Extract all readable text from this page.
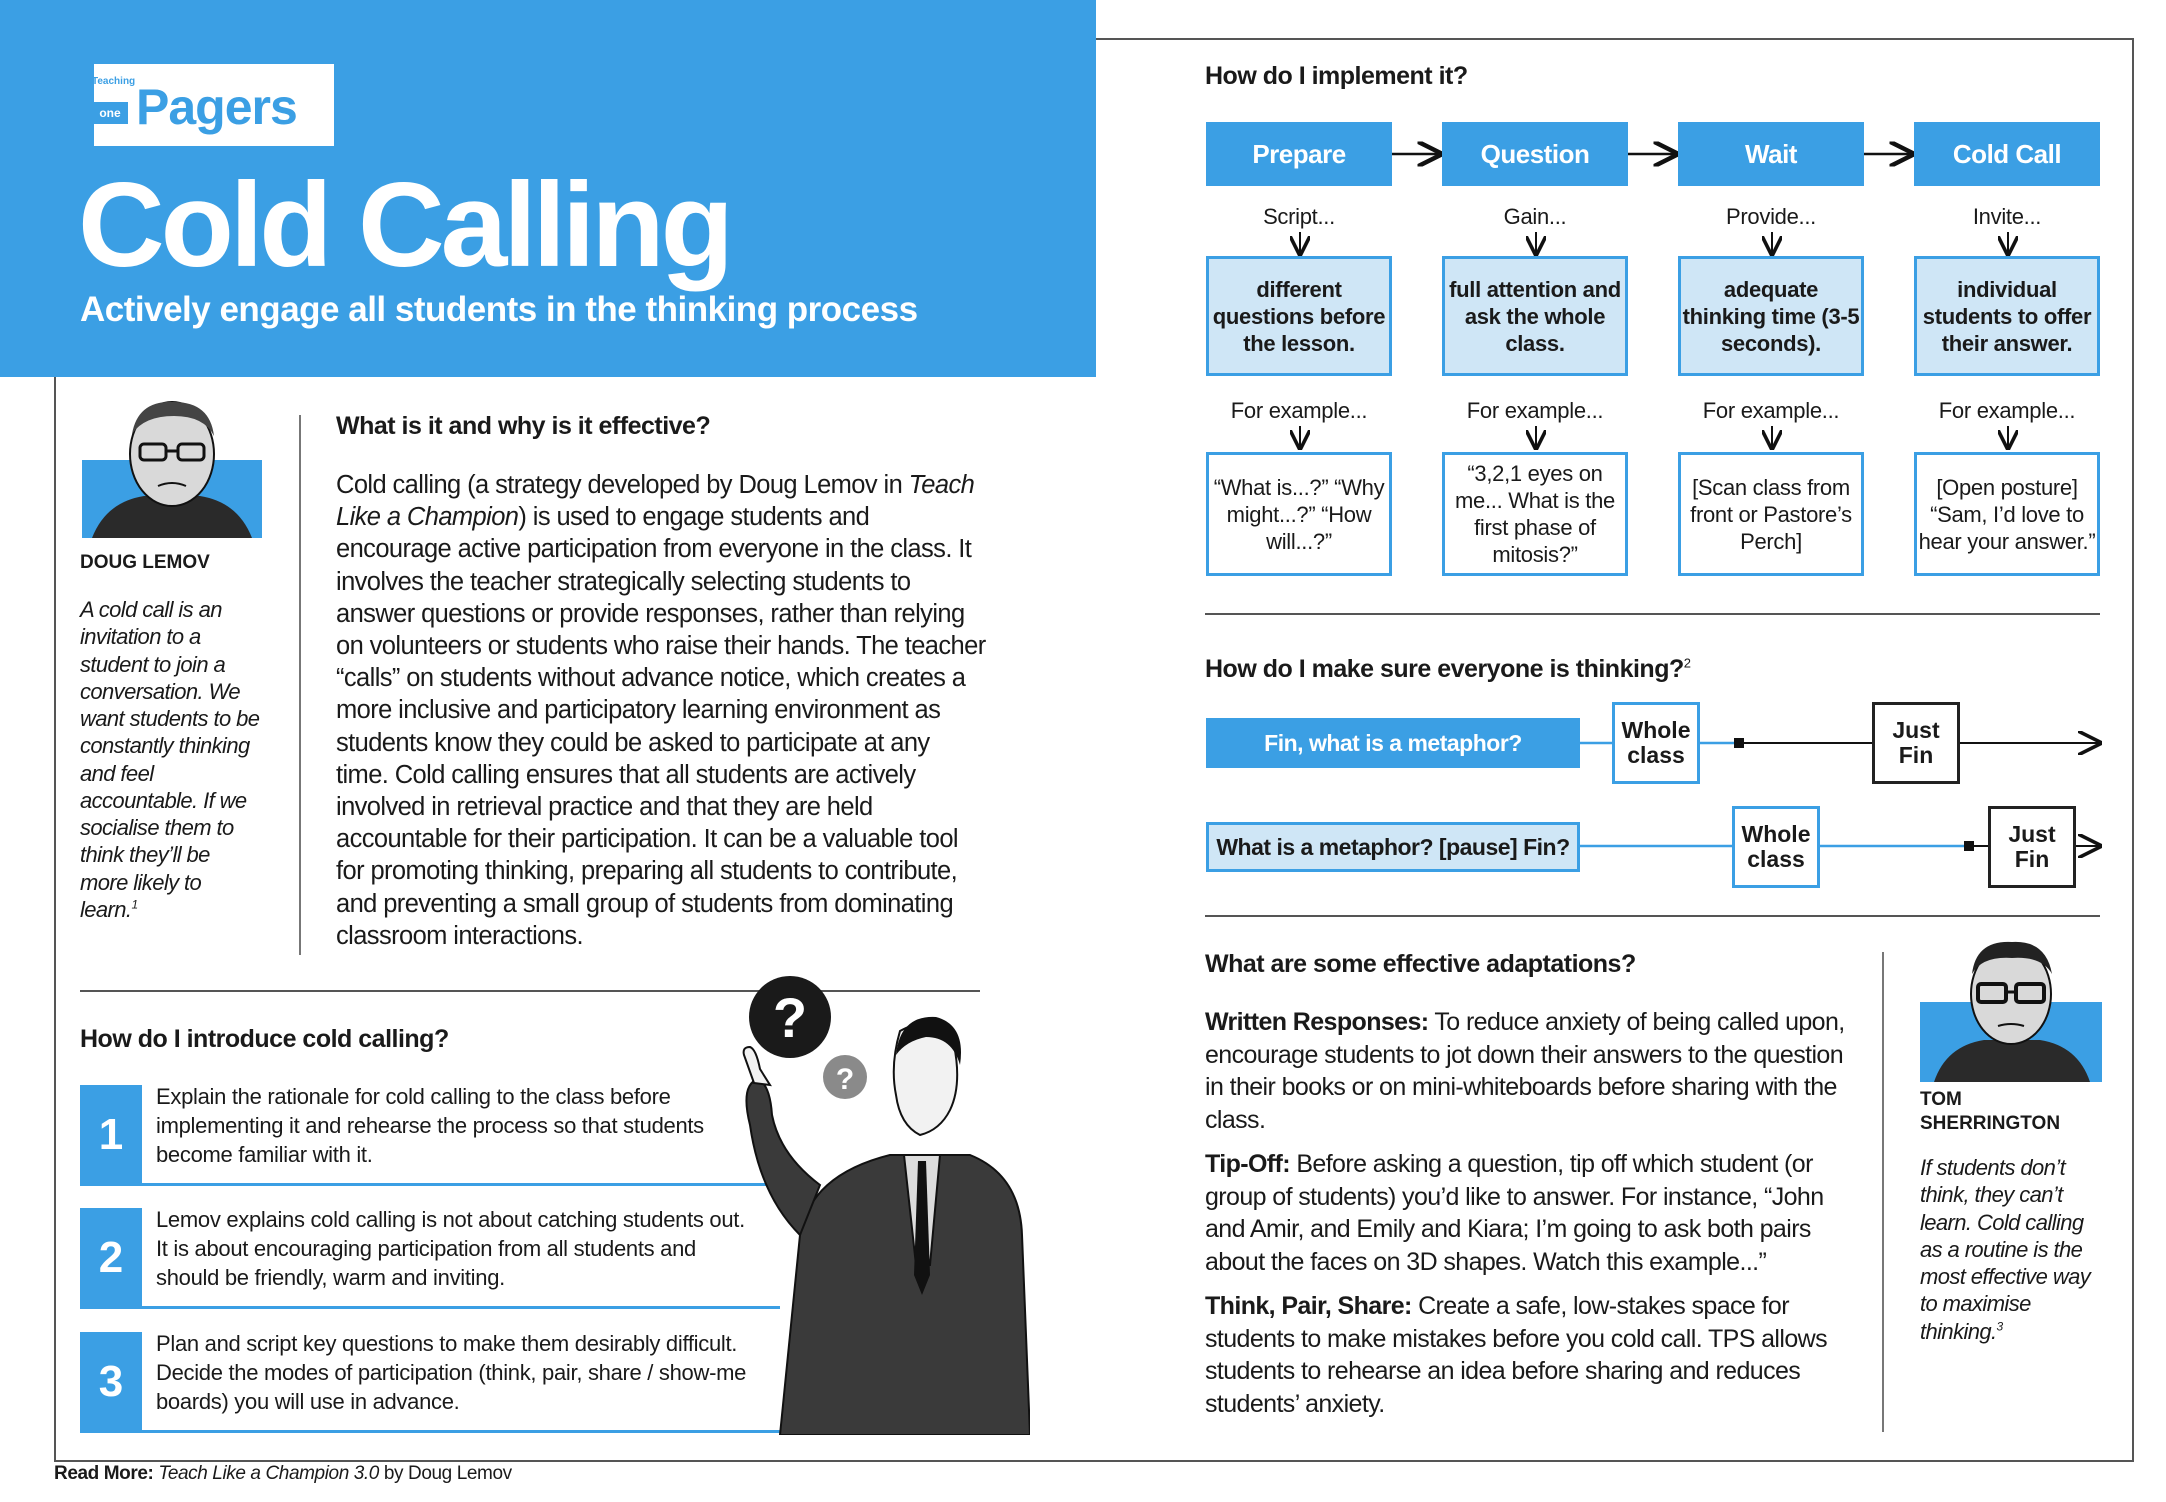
Teaching
one Pagers
Cold Calling
Actively engage all students in the thinking process
DOUG LEMOV
A cold call is an invitation to a student to join a conversation. We want students to be constantly thinking and feel accountable. If we socialise them to think they’ll be more likely to learn.$^1$
What is it and why is it effective?
Cold calling (a strategy developed by Doug Lemov in Teach Like a Champion) is used to engage students and encourage active participation from everyone in the class. It involves the teacher strategically selecting students to answer questions or provide responses, rather than relying on volunteers or students who raise their hands. The teacher “calls” on students without advance notice, which creates a more inclusive and participatory learning environment as students know they could be asked to participate at any time. Cold calling ensures that all students are actively involved in retrieval practice and that they are held accountable for their participation. It can be a valuable tool for promoting thinking, preparing all students to contribute, and preventing a small group of students from dominating classroom interactions.
How do I introduce cold calling?
1
Explain the rationale for cold calling to the class before implementing it and rehearse the process so that students become familiar with it.
2
Lemov explains cold calling is not about catching students out. It is about encouraging participation from all students and should be friendly, warm and inviting.
3
Plan and script key questions to make them desirably difficult. Decide the modes of participation (think, pair, share / show-me boards) you will use in advance.
?
?
How do I implement it?
Prepare
Script...
different questions before the lesson.
For example...
“What is...?” “Why might...?” “How will...?”
Question
Gain...
full attention and ask the whole class.
For example...
“3,2,1 eyes on me... What is the first phase of mitosis?”
Wait
Provide...
adequate thinking time (3-5 seconds).
For example...
[Scan class from front or Pastore’s Perch]
Cold Call
Invite...
individual students to offer their answer.
For example...
[Open posture] “Sam, I’d love to hear your answer.”
How do I make sure everyone is thinking?$^2$
Fin, what is a metaphor?	Whole class
Just Fin
What is a metaphor? [pause] Fin?	Whole class
Just Fin
What are some effective adaptations?
Written Responses: To reduce anxiety of being called upon, encourage students to jot down their answers to the question in their books or on mini-whiteboards before sharing with the class.
Tip-Off: Before asking a question, tip off which student (or group of students) you’d like to answer. For instance, “John and Amir, and Emily and Kiara; I’m going to ask both pairs about the faces on 3D shapes. Watch this example...”
Think, Pair, Share: Create a safe, low-stakes space for students to make mistakes before you cold call. TPS allows students to rehearse an idea before sharing and reduces students’ anxiety.
TOM
SHERRINGTON
If students don’t think, they can’t learn. Cold calling as a routine is the most effective way to maximise thinking.$^3$
Read More: Teach Like a Champion 3.0 by Doug Lemov
